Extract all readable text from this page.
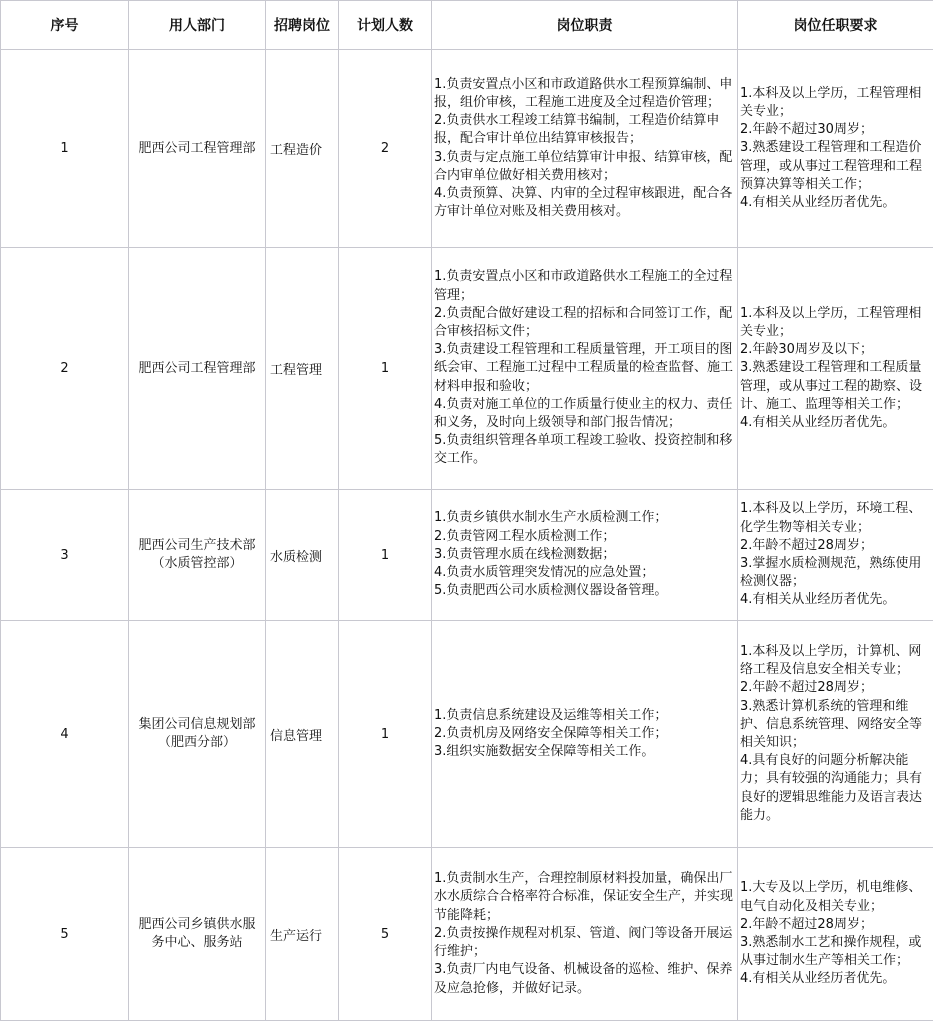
序号	用人部门	招聘岗位	计划人数	岗位职责	岗位任职要求
1	肥西公司工程管理部	工程造价	2	1.负责安置点小区和市政道路供水工程预算编制、申报，组价审核，工程施工进度及全过程造价管理；
2.负责供水工程竣工结算书编制，工程造价结算申报，配合审计单位出结算审核报告；
3.负责与定点施工单位结算审计申报、结算审核，配合内审单位做好相关费用核对；
4.负责预算、决算、内审的全过程审核跟进，配合各方审计单位对账及相关费用核对。	1.本科及以上学历，工程管理相关专业；
2.年龄不超过30周岁；
3.熟悉建设工程管理和工程造价管理，或从事过工程管理和工程预算决算等相关工作；
4.有相关从业经历者优先。

2	肥西公司工程管理部	工程管理	1	1.负责安置点小区和市政道路供水工程施工的全过程管理；
2.负责配合做好建设工程的招标和合同签订工作，配合审核招标文件；
3.负责建设工程管理和工程质量管理，开工项目的图纸会审、工程施工过程中工程质量的检查监督、施工材料申报和验收；
4.负责对施工单位的工作质量行使业主的权力、责任和义务，及时向上级领导和部门报告情况；
5.负责组织管理各单项工程竣工验收、投资控制和移交工作。	1.本科及以上学历，工程管理相关专业；
2.年龄30周岁及以下；
3.熟悉建设工程管理和工程质量管理，或从事过工程的勘察、设计、施工、监理等相关工作；
4.有相关从业经历者优先。

3	肥西公司生产技术部（水质管控部）	水质检测	1	1.负责乡镇供水制水生产水质检测工作；
2.负责管网工程水质检测工作；
3.负责管理水质在线检测数据；
4.负责水质管理突发情况的应急处置；
5.负责肥西公司水质检测仪器设备管理。	1.本科及以上学历，环境工程、化学生物等相关专业；
2.年龄不超过28周岁；
3.掌握水质检测规范，熟练使用检测仪器；
4.有相关从业经历者优先。

4	集团公司信息规划部（肥西分部）	信息管理	1	1.负责信息系统建设及运维等相关工作；
2.负责机房及网络安全保障等相关工作；
3.组织实施数据安全保障等相关工作。	1.本科及以上学历，计算机、网络工程及信息安全相关专业；
2.年龄不超过28周岁；
3.熟悉计算机系统的管理和维护、信息系统管理、网络安全等相关知识；
4.具有良好的问题分析解决能力；具有较强的沟通能力；具有良好的逻辑思维能力及语言表达能力。

5	肥西公司乡镇供水服务中心、服务站	生产运行	5	1.负责制水生产，合理控制原材料投加量，确保出厂水水质综合合格率符合标准，保证安全生产，并实现节能降耗；
2.负责按操作规程对机泵、管道、阀门等设备开展运行维护；
3.负责厂内电气设备、机械设备的巡检、维护、保养及应急抢修，并做好记录。	1.大专及以上学历，机电维修、电气自动化及相关专业；
2.年龄不超过28周岁；
3.熟悉制水工艺和操作规程，或从事过制水生产等相关工作；
4.有相关从业经历者优先。
